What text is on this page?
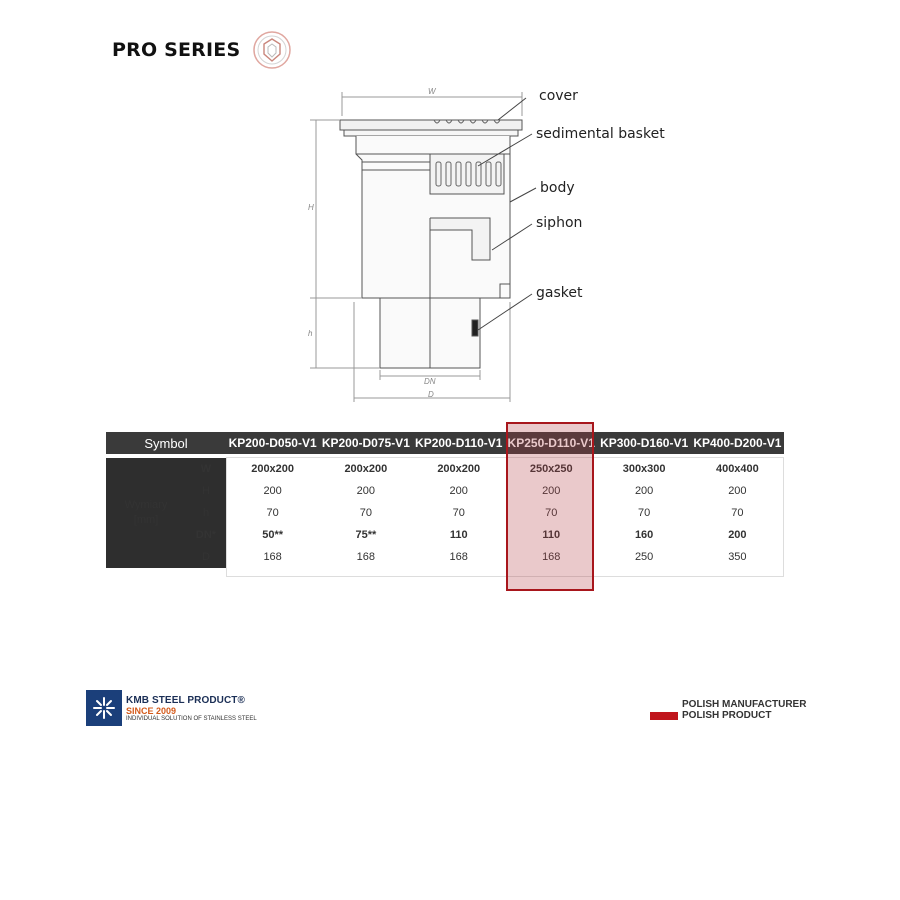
PRO SERIES
W
H
h
DN
D
cover
sedimental basket
body
siphon
gasket
Symbol		KP200-D050-V1	KP200-D075-V1	KP200-D110-V1	KP250-D110-V1	KP300-D160-V1	KP400-D200-V1

Wymiary
[mm]	W	200x200	200x200	200x200	250x250	300x300	400x400
	H	200	200	200	200	200	200
	h	70	70	70	70	70	70
	DN*	50**	75**	110	110	160	200
	D	168	168	168	168	250	350
KMB STEEL PRODUCT®
SINCE 2009
INDIVIDUAL SOLUTION OF STAINLESS STEEL
POLISH MANUFACTURER
POLISH PRODUCT
